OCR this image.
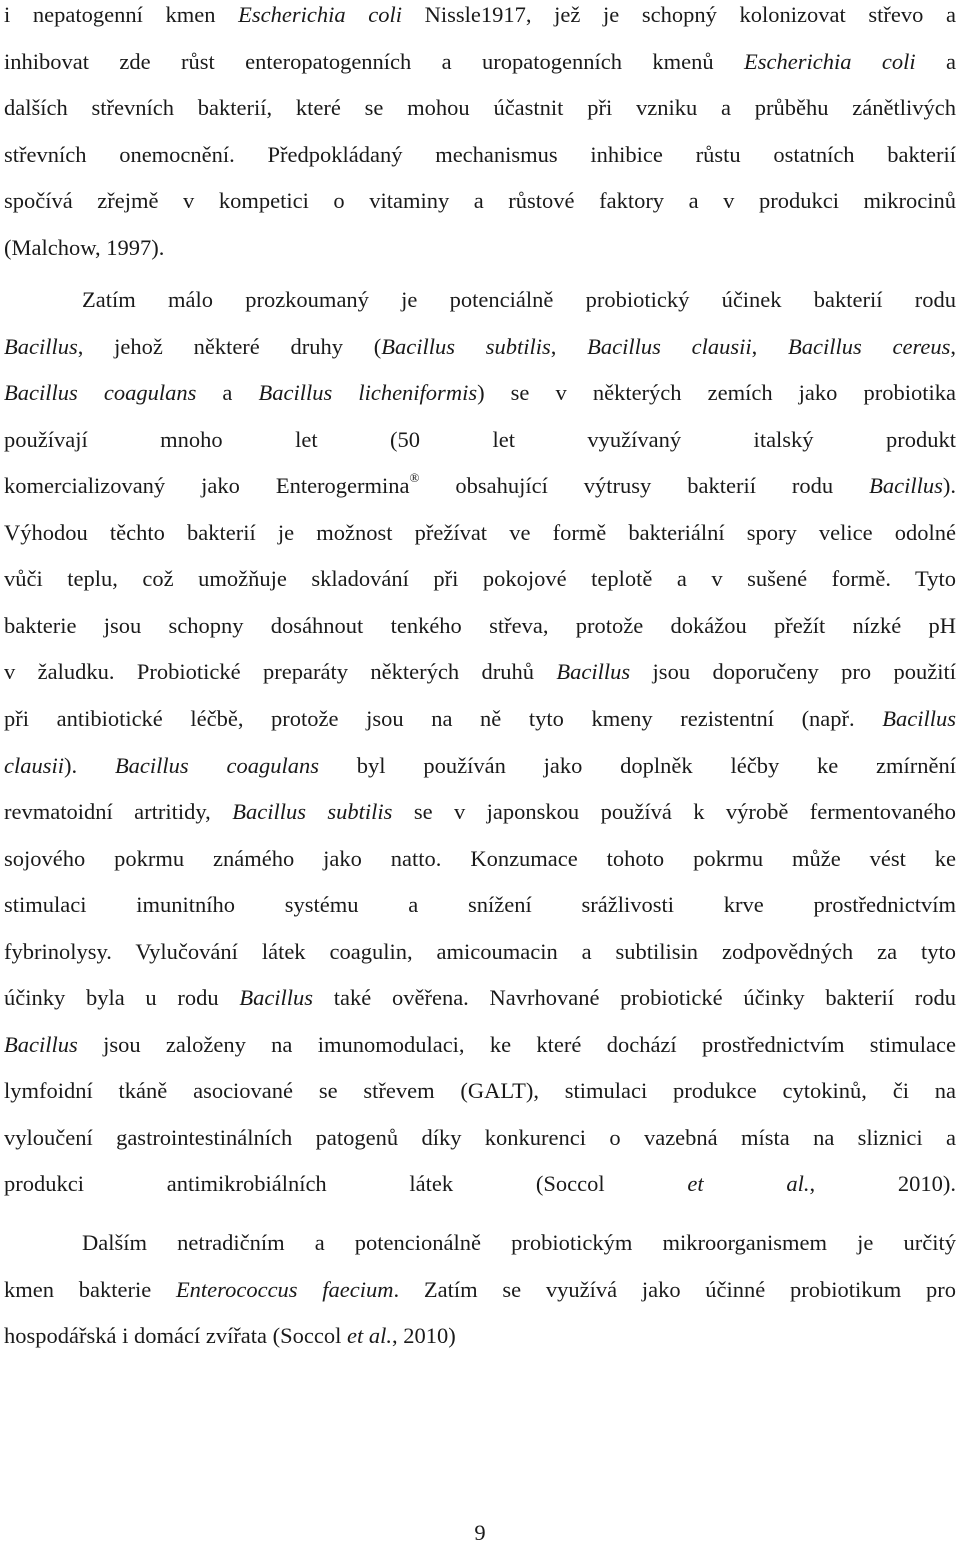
i nepatogenní kmen Escherichia coli Nissle1917, jež je schopný kolonizovat střevo a
inhibovat zde růst enteropatogenních a uropatogenních kmenů Escherichia coli a
dalších střevních bakterií, které se mohou účastnit při vzniku a průběhu zánětlivých
střevních onemocnění. Předpokládaný mechanismus inhibice růstu ostatních bakterií
spočívá zřejmě v kompetici o vitaminy a růstové faktory a v produkci mikrocinů
(Malchow, 1997).
Zatím málo prozkoumaný je potenciálně probiotický účinek bakterií rodu
Bacillus, jehož některé druhy (Bacillus subtilis, Bacillus clausii, Bacillus cereus,
Bacillus coagulans a Bacillus licheniformis) se v některých zemích jako probiotika
používají mnoho let (50 let využívaný italský produkt
komercializovaný jako Enterogermina® obsahující výtrusy bakterií rodu Bacillus).
Výhodou těchto bakterií je možnost přežívat ve formě bakteriální spory velice odolné
vůči teplu, což umožňuje skladování při pokojové teplotě a v sušené formě. Tyto
bakterie jsou schopny dosáhnout tenkého střeva, protože dokážou přežít nízké pH
v žaludku. Probiotické preparáty některých druhů Bacillus jsou doporučeny pro použití
při antibiotické léčbě, protože jsou na ně tyto kmeny rezistentní (např. Bacillus
clausii). Bacillus coagulans byl používán jako doplněk léčby ke zmírnění
revmatoidní artritidy, Bacillus subtilis se v japonskou používá k výrobě fermentovaného
sojového pokrmu známého jako natto. Konzumace tohoto pokrmu může vést ke
stimulaci imunitního systému a snížení srážlivosti krve prostřednictvím
fybrinolysy. Vylučování látek coagulin, amicoumacin a subtilisin zodpovědných za tyto
účinky byla u rodu Bacillus také ověřena. Navrhované probiotické účinky bakterií rodu
Bacillus jsou založeny na imunomodulaci, ke které dochází prostřednictvím stimulace
lymfoidní tkáně asociované se střevem (GALT), stimulaci produkce cytokinů, či na
vyloučení gastrointestinálních patogenů díky konkurenci o vazebná místa na sliznici a
produkci antimikrobiálních látek (Soccol et al., 2010).
Dalším netradičním a potencionálně probiotickým mikroorganismem je určitý
kmen bakterie Enterococcus faecium. Zatím se využívá jako účinné probiotikum pro
hospodářská i domácí zvířata (Soccol et al., 2010)
9
